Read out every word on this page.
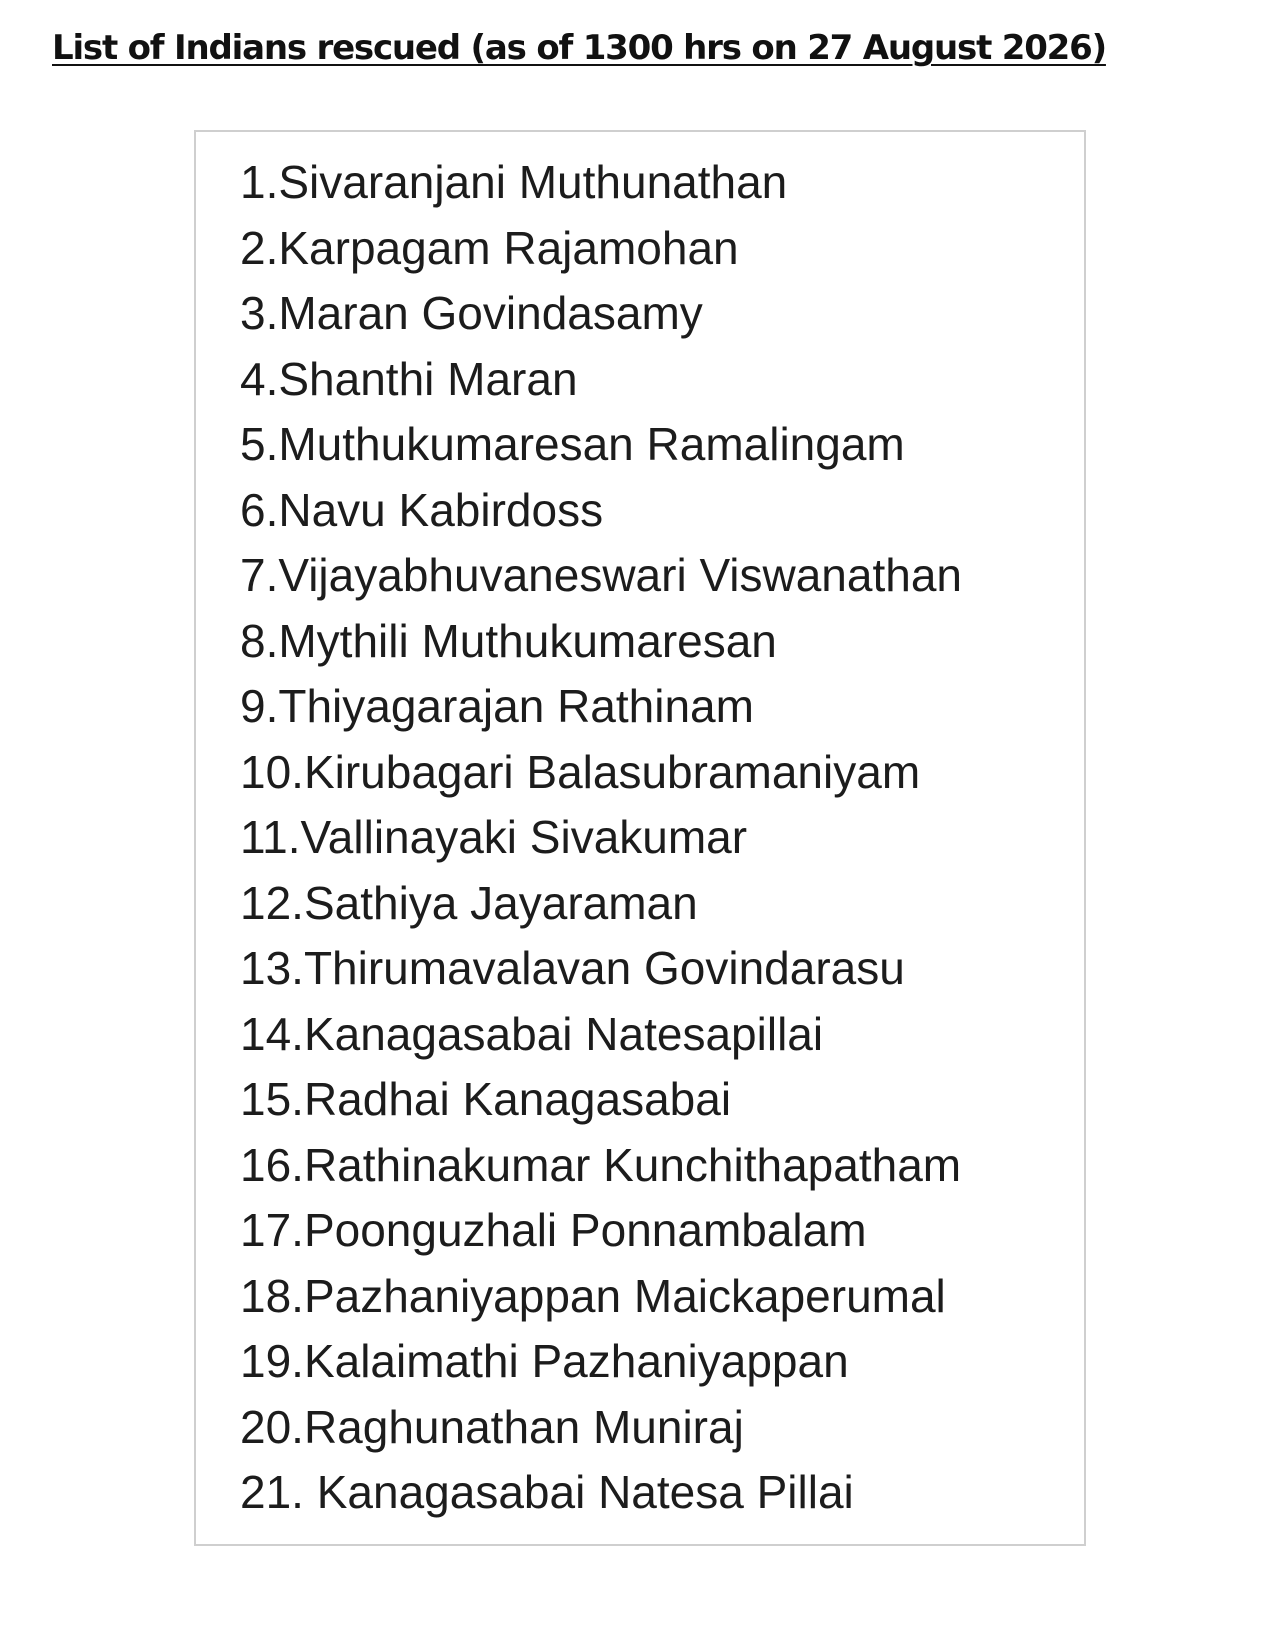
List of Indians rescued (as of 1300 hrs on 27 August 2026)
1.Sivaranjani Muthunathan
2.Karpagam Rajamohan
3.Maran Govindasamy
4.Shanthi Maran
5.Muthukumaresan Ramalingam
6.Navu Kabirdoss
7.Vijayabhuvaneswari Viswanathan
8.Mythili Muthukumaresan
9.Thiyagarajan Rathinam
10.Kirubagari Balasubramaniyam
11.Vallinayaki Sivakumar
12.Sathiya Jayaraman
13.Thirumavalavan Govindarasu
14.Kanagasabai Natesapillai
15.Radhai Kanagasabai
16.Rathinakumar Kunchithapatham
17.Poonguzhali Ponnambalam
18.Pazhaniyappan Maickaperumal
19.Kalaimathi Pazhaniyappan
20.Raghunathan Muniraj
21. Kanagasabai Natesa Pillai
